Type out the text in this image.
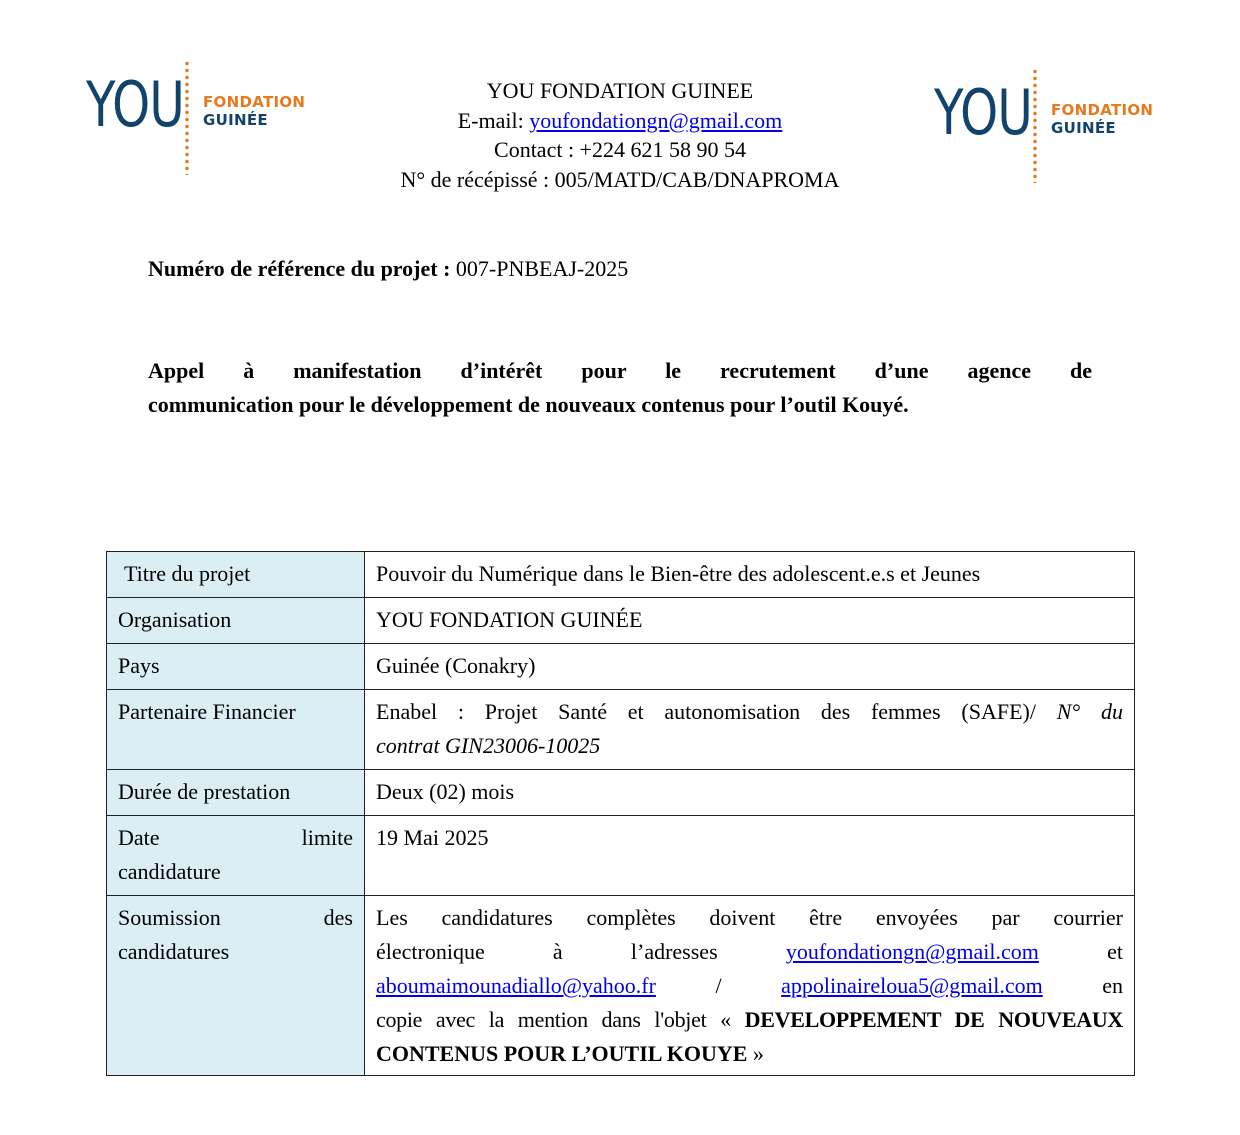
YOU FONDATION
GUINÉE	YOU FONDATION
GUINÉE
YOU FONDATION GUINEE
E-mail: youfondationgn@gmail.com
Contact : +224 621 58 90 54
N° de récépissé : 005/MATD/CAB/DNAPROMA
Numéro de référence du projet : 007-PNBEAJ-2025
Appel à manifestation d’intérêt pour le recrutement d’une agence de
communication pour le développement de nouveaux contenus pour l’outil Kouyé.
Titre du projet	Pouvoir du Numérique dans le Bien-être des adolescent.e.s et Jeunes
Organisation	YOU FONDATION GUINÉE
Pays	Guinée (Conakry)
Partenaire Financier	Enabel : Projet Santé et autonomisation des femmes (SAFE)/ N° du
contrat GIN23006-10025
Durée de prestation	Deux (02) mois

Date limite
candidature	19 Mai 2025

Soumission des
candidatures	Les candidatures complètes doivent être envoyées par courrier
électronique à l’adresses youfondationgn@gmail.com et
aboumaimounadiallo@yahoo.fr / appolinaireloua5@gmail.com en
copie avec la mention dans l'objet « DEVELOPPEMENT DE NOUVEAUX
CONTENUS POUR L’OUTIL KOUYE »
